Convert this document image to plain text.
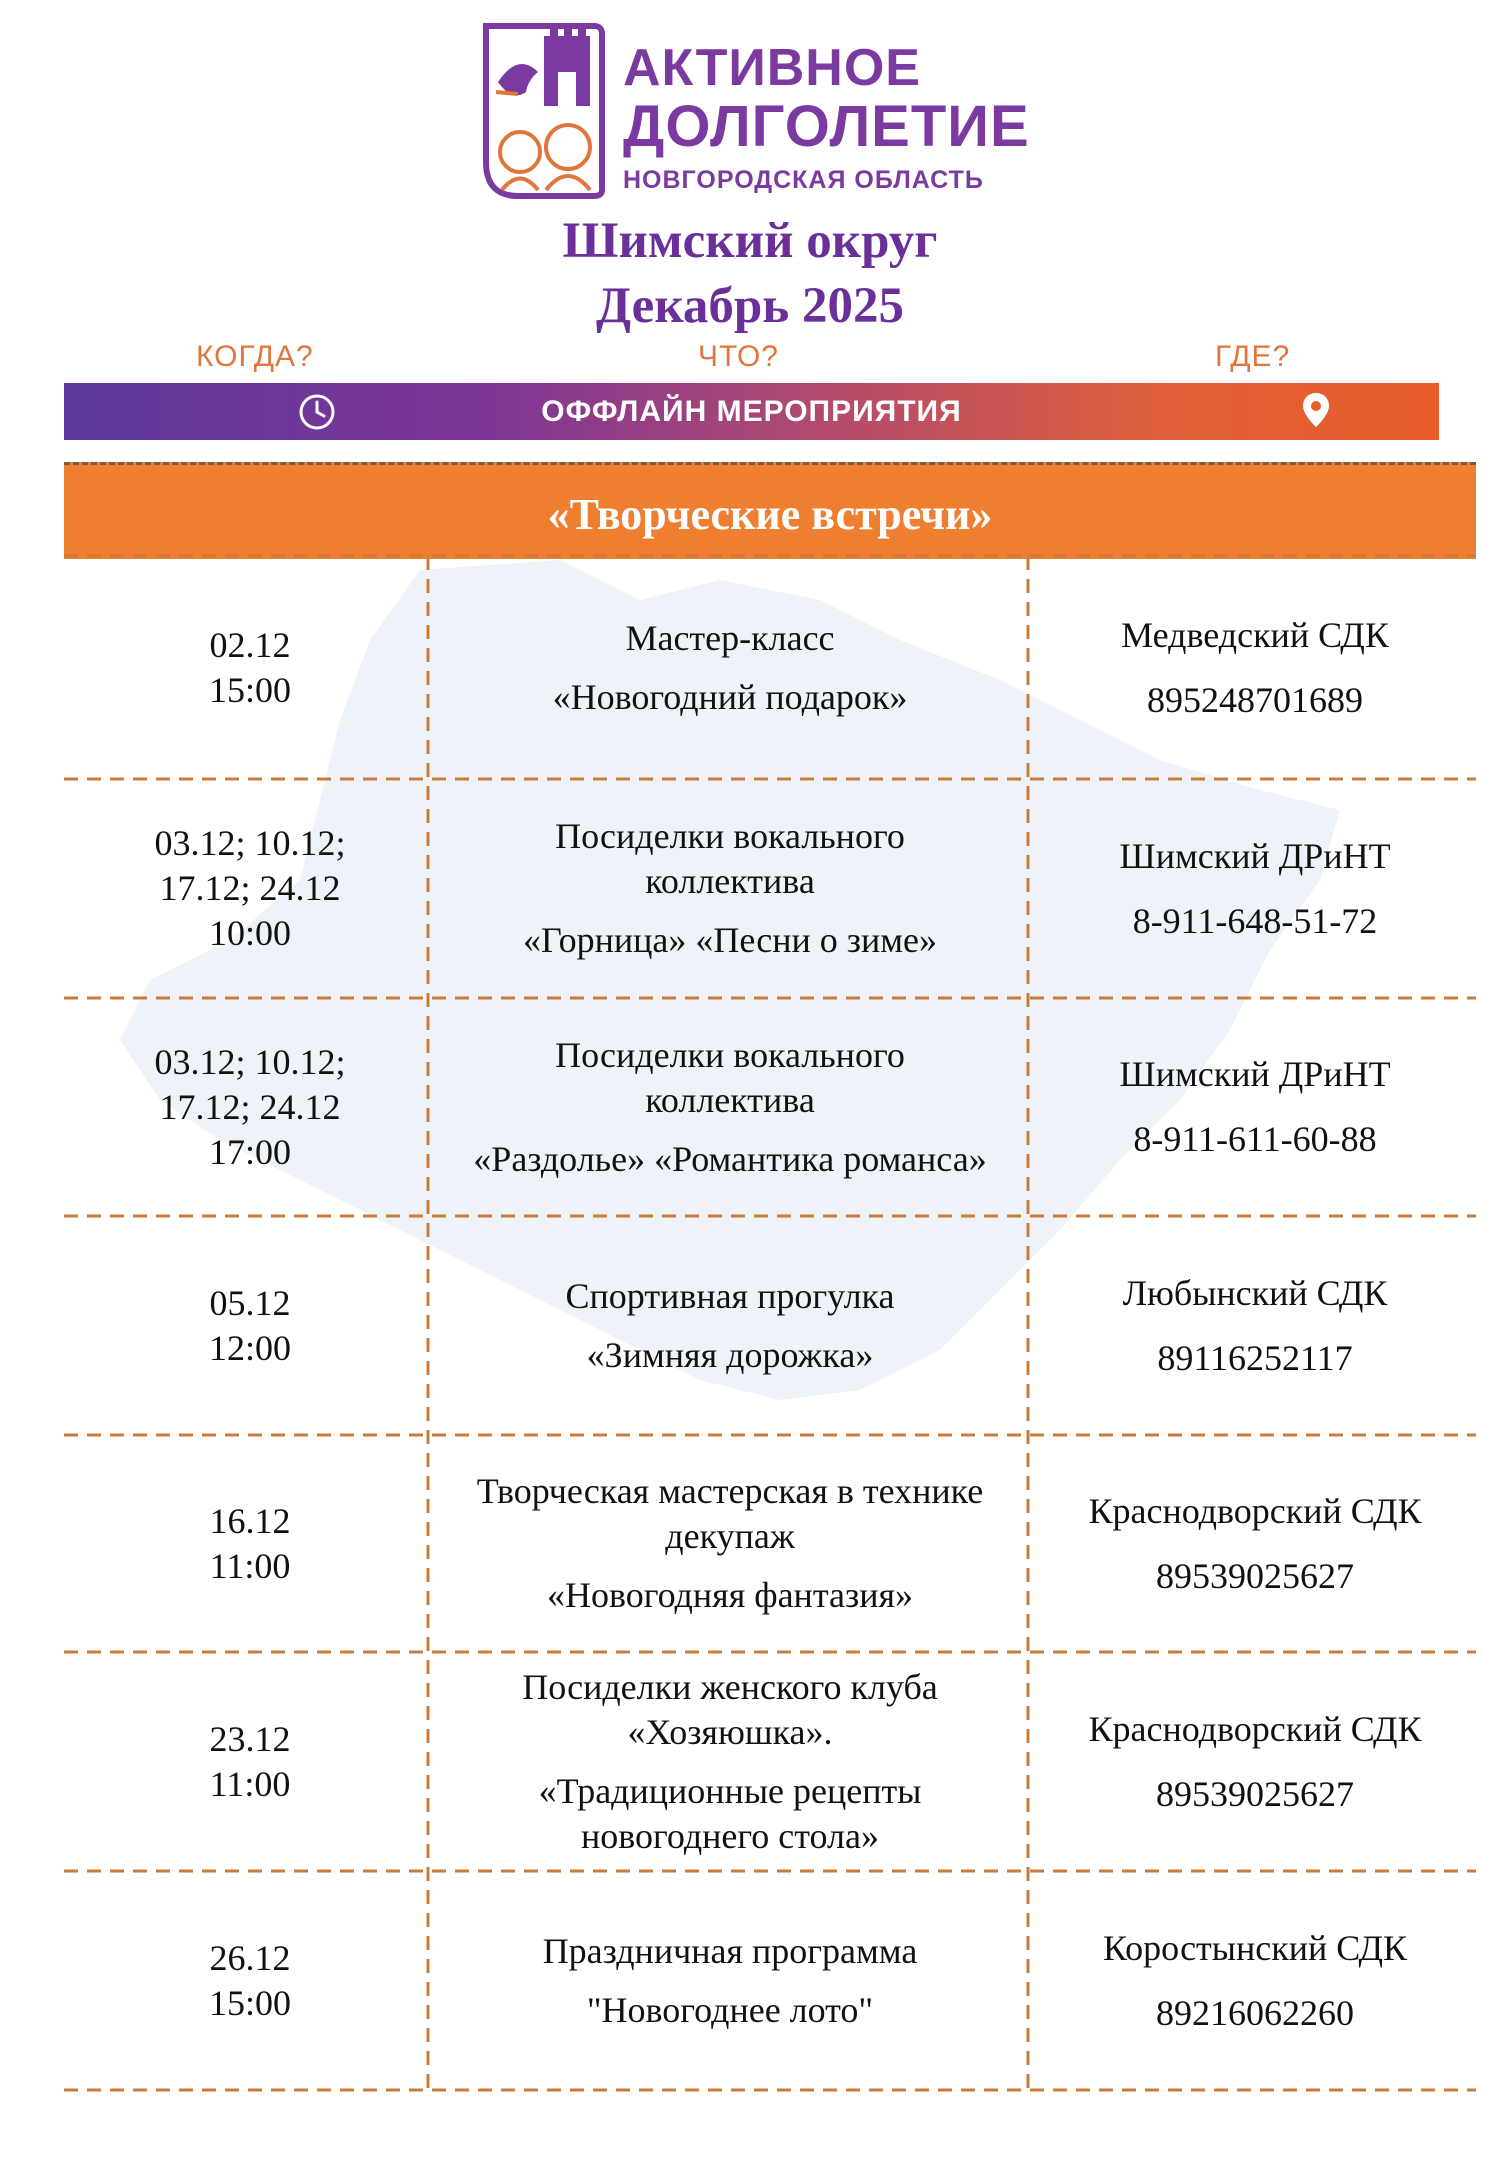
АКТИВНОЕ
ДОЛГОЛЕТИЕ
НОВГОРОДСКАЯ ОБЛАСТЬ
Шимский округ
Декабрь 2025
КОГДА?	ЧТО?	ГДЕ?
ОФФЛАЙН МЕРОПРИЯТИЯ
«Творческие встречи»
02.12
15:00
Мастер-класс
«Новогодний подарок»
Медведский СДК
895248701689
03.12; 10.12;
17.12; 24.12
10:00
Посиделки вокального
коллектива
«Горница» «Песни о зиме»
Шимский ДРиНТ
8-911-648-51-72
03.12; 10.12;
17.12; 24.12
17:00
Посиделки вокального
коллектива
«Раздолье» «Романтика романса»
Шимский ДРиНТ
8-911-611-60-88
05.12
12:00
Спортивная прогулка
«Зимняя дорожка»
Любынский СДК
89116252117
16.12
11:00
Творческая мастерская в технике
декупаж
«Новогодняя фантазия»
Краснодворский СДК
89539025627
23.12
11:00
Посиделки женского клуба
«Хозяюшка».
«Традиционные рецепты
новогоднего стола»
Краснодворский СДК
89539025627
26.12
15:00
Праздничная программа
"Новогоднее лото"
Коростынский СДК
89216062260
